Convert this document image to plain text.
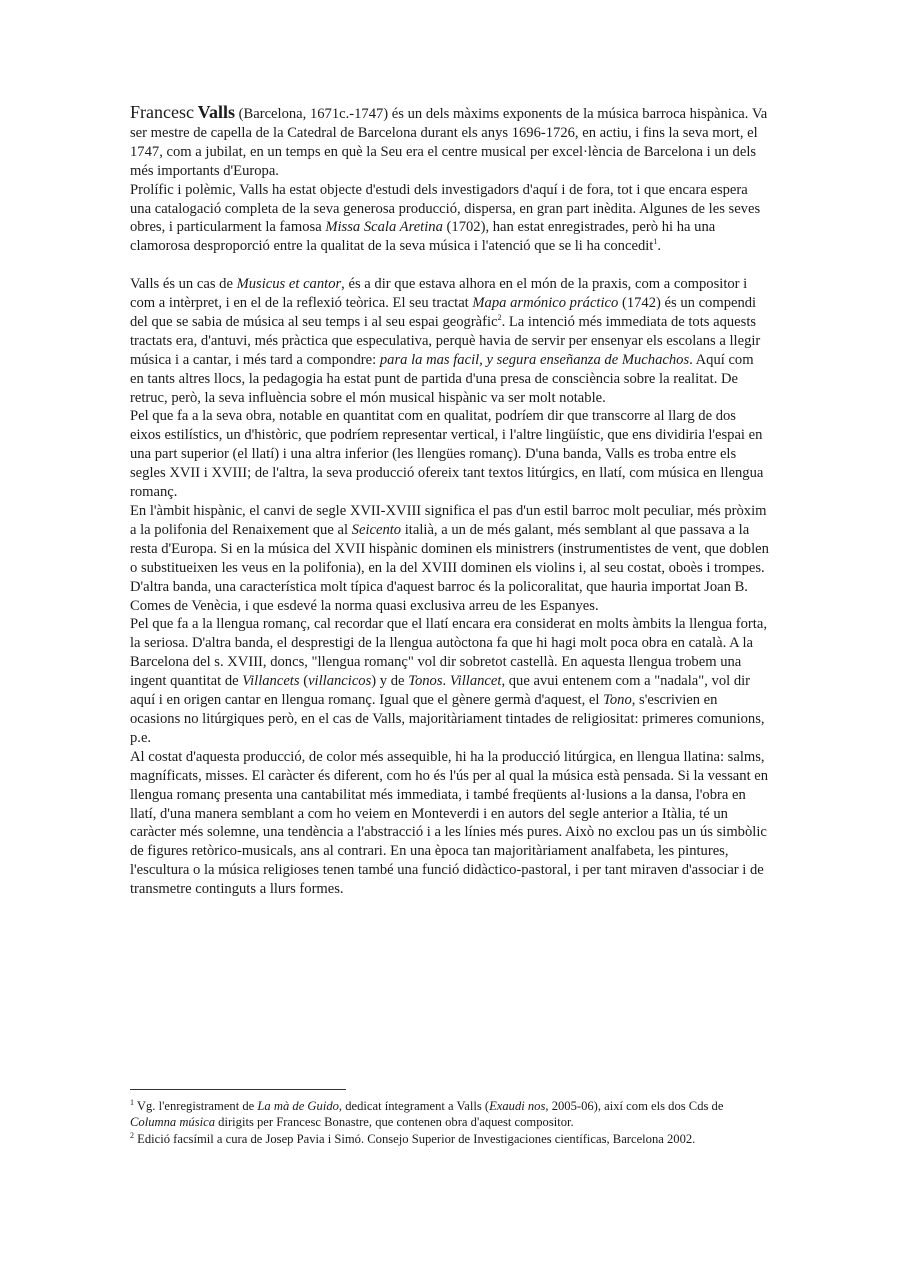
Francesc Valls (Barcelona, 1671c.-1747) és un dels màxims exponents de la música barroca hispànica. Va ser mestre de capella de la Catedral de Barcelona durant els anys 1696-1726, en actiu, i fins la seva mort, el 1747, com a jubilat, en un temps en què la Seu era el centre musical per excel·lència de Barcelona i un dels més importants d'Europa.

Prolífic i polèmic, Valls ha estat objecte d'estudi dels investigadors d'aquí i de fora, tot i que encara espera una catalogació completa de la seva generosa producció, dispersa, en gran part inèdita. Algunes de les seves obres, i particularment la famosa Missa Scala Aretina (1702), han estat enregistrades, però hi ha una clamorosa desproporció entre la qualitat de la seva música i l'atenció que se li ha concedit$^1$.

Valls és un cas de Musicus et cantor, és a dir que estava alhora en el món de la praxis, com a compositor i com a intèrpret, i en el de la reflexió teòrica. El seu tractat Mapa armónico práctico (1742) és un compendi del que se sabia de música al seu temps i al seu espai geogràfic$^2$. La intenció més immediata de tots aquests tractats era, d'antuvi, més pràctica que especulativa, perquè havia de servir per ensenyar els escolans a llegir música i a cantar, i més tard a compondre: para la mas facil, y segura enseñanza de Muchachos. Aquí com en tants altres llocs, la pedagogia ha estat punt de partida d'una presa de consciència sobre la realitat. De retruc, però, la seva influència sobre el món musical hispànic va ser molt notable.

Pel que fa a la seva obra, notable en quantitat com en qualitat, podríem dir que transcorre al llarg de dos eixos estilístics, un d'històric, que podríem representar vertical, i l'altre lingüístic, que ens dividiria l'espai en una part superior (el llatí) i una altra inferior (les llengües romanç). D'una banda, Valls es troba entre els segles XVII i XVIII; de l'altra, la seva producció ofereix tant textos litúrgics, en llatí, com música en llengua romanç.

En l'àmbit hispànic, el canvi de segle XVII-XVIII significa el pas d'un estil barroc molt peculiar, més pròxim a la polifonia del Renaixement que al Seicento italià, a un de més galant, més semblant al que passava a la resta d'Europa. Si en la música del XVII hispànic dominen els ministrers (instrumentistes de vent, que doblen o substitueixen les veus en la polifonia), en la del XVIII dominen els violins i, al seu costat, oboès i trompes. D'altra banda, una característica molt típica d'aquest barroc és la policoralitat, que hauria importat Joan B. Comes de Venècia, i que esdevé la norma quasi exclusiva arreu de les Espanyes.

Pel que fa a la llengua romanç, cal recordar que el llatí encara era considerat en molts àmbits la llengua forta, la seriosa. D'altra banda, el desprestigi de la llengua autòctona fa que hi hagi molt poca obra en català. A la Barcelona del s. XVIII, doncs, "llengua romanç" vol dir sobretot castellà. En aquesta llengua trobem una ingent quantitat de Villancets (villancicos) y de Tonos. Villancet, que avui entenem com a "nadala", vol dir aquí i en origen cantar en llengua romanç. Igual que el gènere germà d'aquest, el Tono, s'escrivien en ocasions no litúrgiques però, en el cas de Valls, majoritàriament tintades de religiositat: primeres comunions, p.e.

Al costat d'aquesta producció, de color més assequible, hi ha la producció litúrgica, en llengua llatina: salms, magníficats, misses. El caràcter és diferent, com ho és l'ús per al qual la música està pensada. Si la vessant en llengua romanç presenta una cantabilitat més immediata, i també freqüents al·lusions a la dansa, l'obra en llatí, d'una manera semblant a com ho veiem en Monteverdi i en autors del segle anterior a Itàlia, té un caràcter més solemne, una tendència a l'abstracció i a les línies més pures. Això no exclou pas un ús simbòlic de figures retòrico-musicals, ans al contrari. En una època tan majoritàriament analfabeta, les pintures, l'escultura o la música religioses tenen també una funció didàctico-pastoral, i per tant miraven d'associar i de transmetre continguts a llurs formes.

$^1$ Vg. l'enregistrament de La mà de Guido, dedicat íntegrament a Valls (Exaudi nos, 2005-06), així com els dos Cds de Columna música dirigits per Francesc Bonastre, que contenen obra d'aquest compositor.

$^2$ Edició facsímil a cura de Josep Pavia i Simó. Consejo Superior de Investigaciones científicas, Barcelona 2002.
